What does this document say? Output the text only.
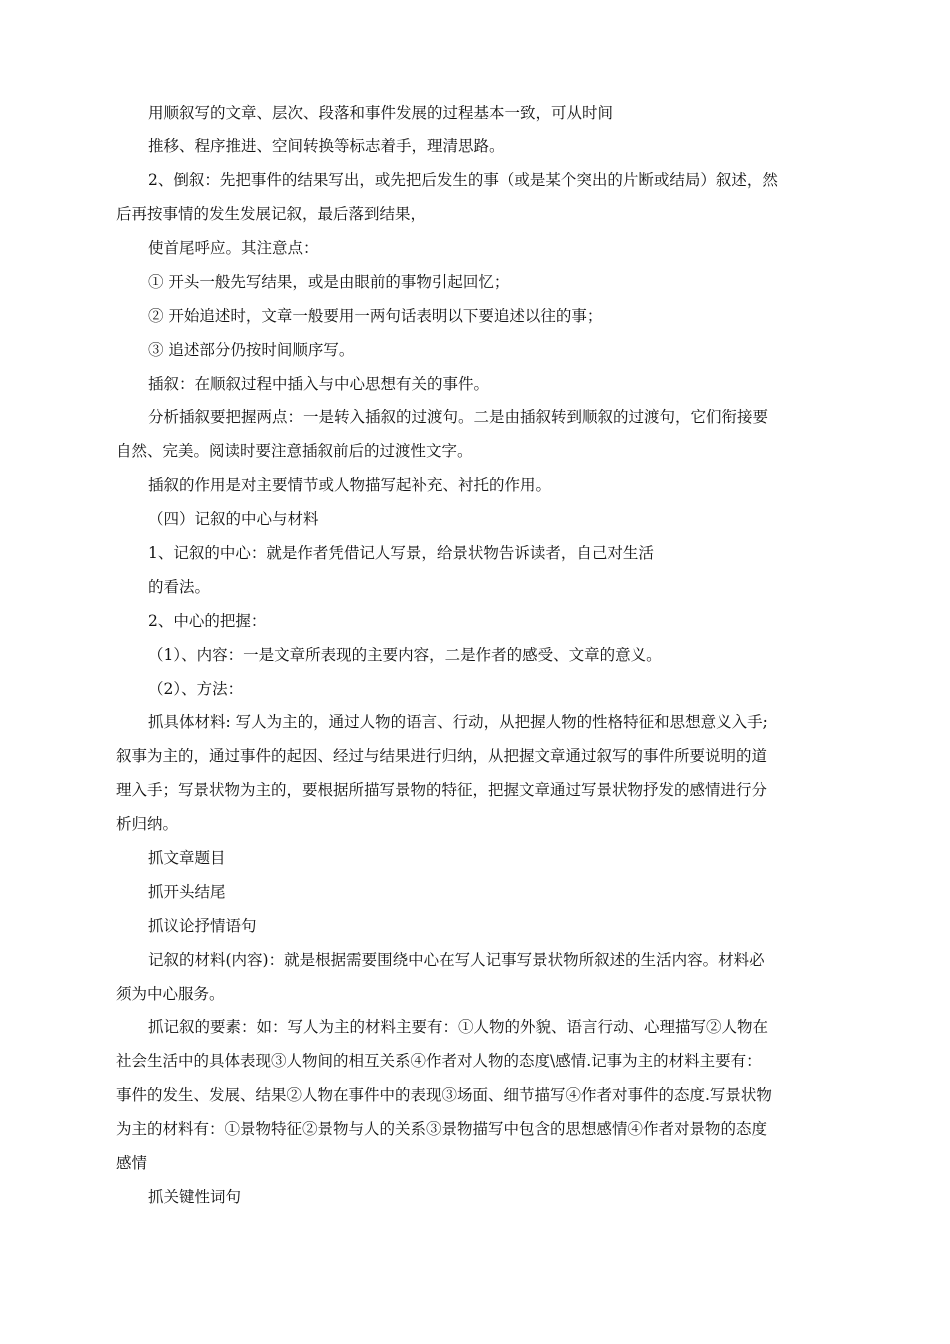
用顺叙写的文章、层次、段落和事件发展的过程基本一致，可从时间
推移、程序推进、空间转换等标志着手，理清思路。
2、倒叙：先把事件的结果写出，或先把后发生的事（或是某个突出的片断或结局）叙述，然
后再按事情的发生发展记叙，最后落到结果，
使首尾呼应。其注意点：
① 开头一般先写结果，或是由眼前的事物引起回忆；
② 开始追述时，文章一般要用一两句话表明以下要追述以往的事；
③ 追述部分仍按时间顺序写。
插叙：在顺叙过程中插入与中心思想有关的事件。
分析插叙要把握两点：一是转入插叙的过渡句。二是由插叙转到顺叙的过渡句，它们衔接要
自然、完美。阅读时要注意插叙前后的过渡性文字。
插叙的作用是对主要情节或人物描写起补充、衬托的作用。
（四）记叙的中心与材料
1、记叙的中心：就是作者凭借记人写景，给景状物告诉读者，自己对生活
的看法。
2、中心的把握：
（1）、内容：一是文章所表现的主要内容，二是作者的感受、文章的意义。
（2）、方法：
抓具体材料: 写人为主的，通过人物的语言、行动，从把握人物的性格特征和思想意义入手;
叙事为主的，通过事件的起因、经过与结果进行归纳，从把握文章通过叙写的事件所要说明的道
理入手；写景状物为主的，要根据所描写景物的特征，把握文章通过写景状物抒发的感情进行分
析归纳。
抓文章题目
抓开头结尾
抓议论抒情语句
记叙的材料(内容)：就是根据需要围绕中心在写人记事写景状物所叙述的生活内容。材料必
须为中心服务。
抓记叙的要素：如：写人为主的材料主要有：①人物的外貌、语言行动、心理描写②人物在
社会生活中的具体表现③人物间的相互关系④作者对人物的态度\感情.记事为主的材料主要有：
事件的发生、发展、结果②人物在事件中的表现③场面、细节描写④作者对事件的态度.写景状物
为主的材料有：①景物特征②景物与人的关系③景物描写中包含的思想感情④作者对景物的态度
感情
抓关键性词句
